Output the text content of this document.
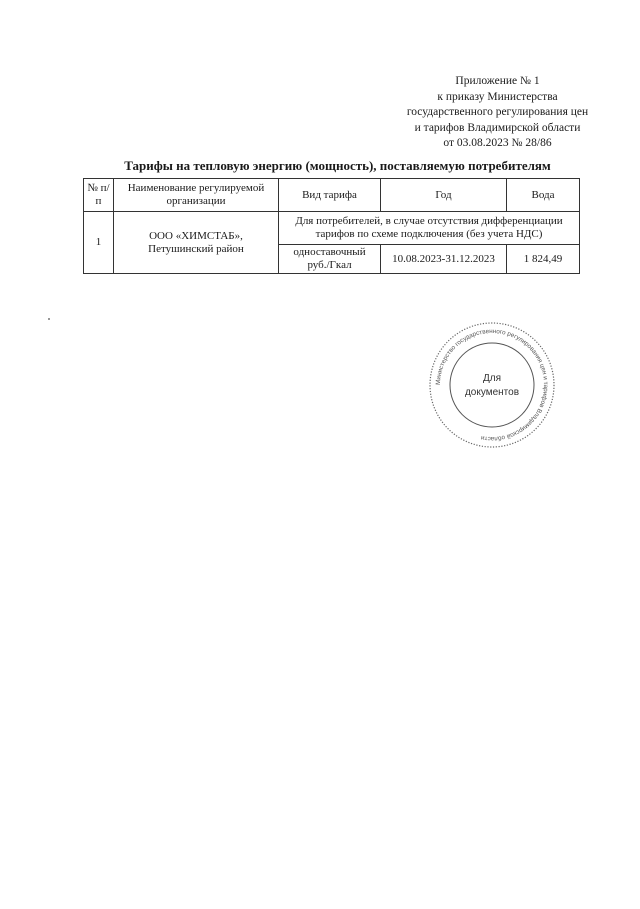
Приложение № 1
к приказу Министерства
государственного регулирования цен
и тарифов Владимирской области
от 03.08.2023 № 28/86
Тарифы на тепловую энергию (мощность), поставляемую потребителям
№ п/п	Наименование регулируемой организации	Вид тарифа	Год	Вода
1	ООО «ХИМСТАБ», Петушинский район	Для потребителей, в случае отсутствия дифференциации тарифов по схеме подключения (без учета НДС)		
		одноставочный руб./Гкал	10.08.2023-31.12.2023	1 824,49
Министерство государственного регулирования цен и тарифов Владимирской области
Для
документов
